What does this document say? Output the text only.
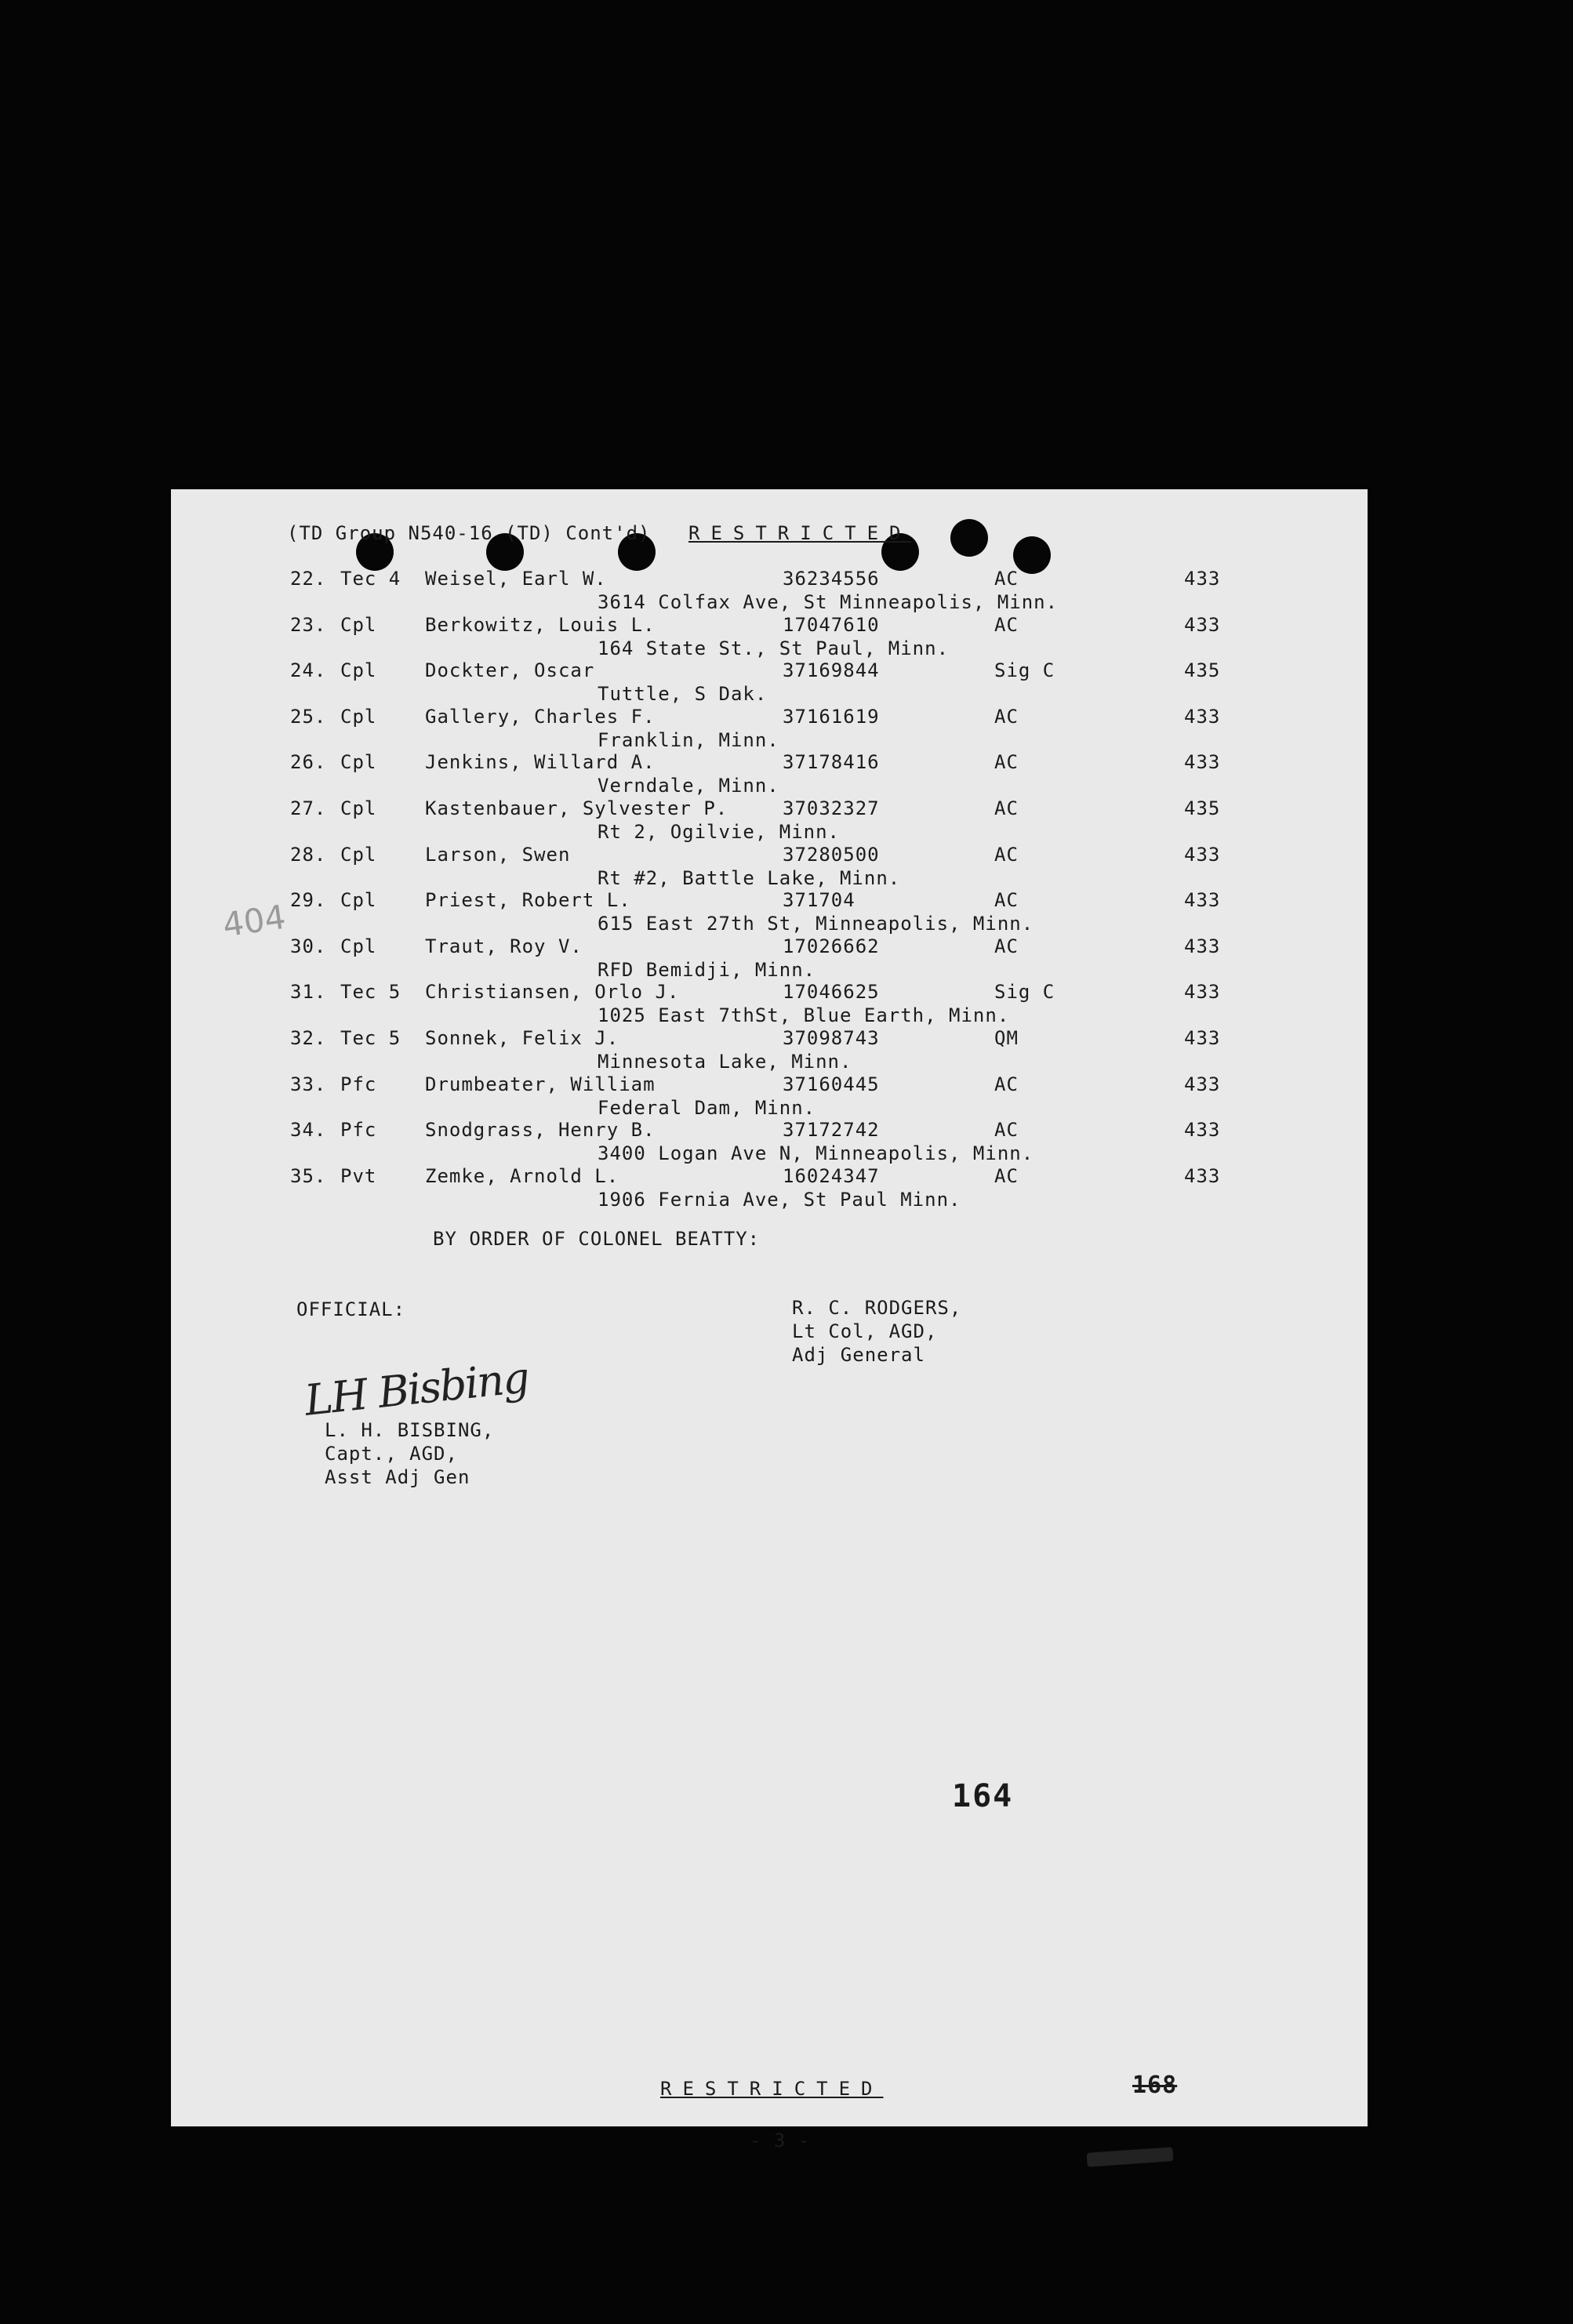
(TD Group N540-16 (TD) Cont'd) RESTRICTED
22. Tec 4 Weisel, Earl W.	36234556	AC	433
3614 Colfax Ave, St Minneapolis, Minn.
23. Cpl	Berkowitz, Louis L.	17047610	AC	433
164 State St., St Paul, Minn.
24. Cpl	Dockter, Oscar	37169844	Sig C	435
Tuttle, S Dak.
25. Cpl	Gallery, Charles F.	37161619	AC	433
Franklin, Minn.
26. Cpl	Jenkins, Willard A.	37178416	AC	433
Verndale, Minn.
27. Cpl	Kastenbauer, Sylvester P.	37032327	AC	435
Rt 2, Ogilvie, Minn.
28. Cpl	Larson, Swen	37280500	AC	433
Rt #2, Battle Lake, Minn.
29. Cpl	Priest, Robert L.	371704	AC	433
615 East 27th St, Minneapolis, Minn.
30. Cpl	Traut, Roy V.	17026662	AC	433
RFD Bemidji, Minn.
31. Tec 5 Christiansen, Orlo J.	17046625	Sig C	433
1025 East 7thSt, Blue Earth, Minn.
32. Tec 5 Sonnek, Felix J.	37098743	QM	433
Minnesota Lake, Minn.
33. Pfc	Drumbeater, William	37160445	AC	433
Federal Dam, Minn.
34. Pfc	Snodgrass, Henry B.	37172742	AC	433
3400 Logan Ave N, Minneapolis, Minn.
35. Pvt	Zemke, Arnold L.	16024347	AC	433
1906 Fernia Ave, St Paul Minn.
404
BY ORDER OF COLONEL BEATTY:
OFFICIAL:	R. C. RODGERS,
Lt Col, AGD,
Adj General
LH Bisbing
L. H. BISBING,
Capt., AGD,
Asst Adj Gen
164
RESTRICTED
- 3 -
168
